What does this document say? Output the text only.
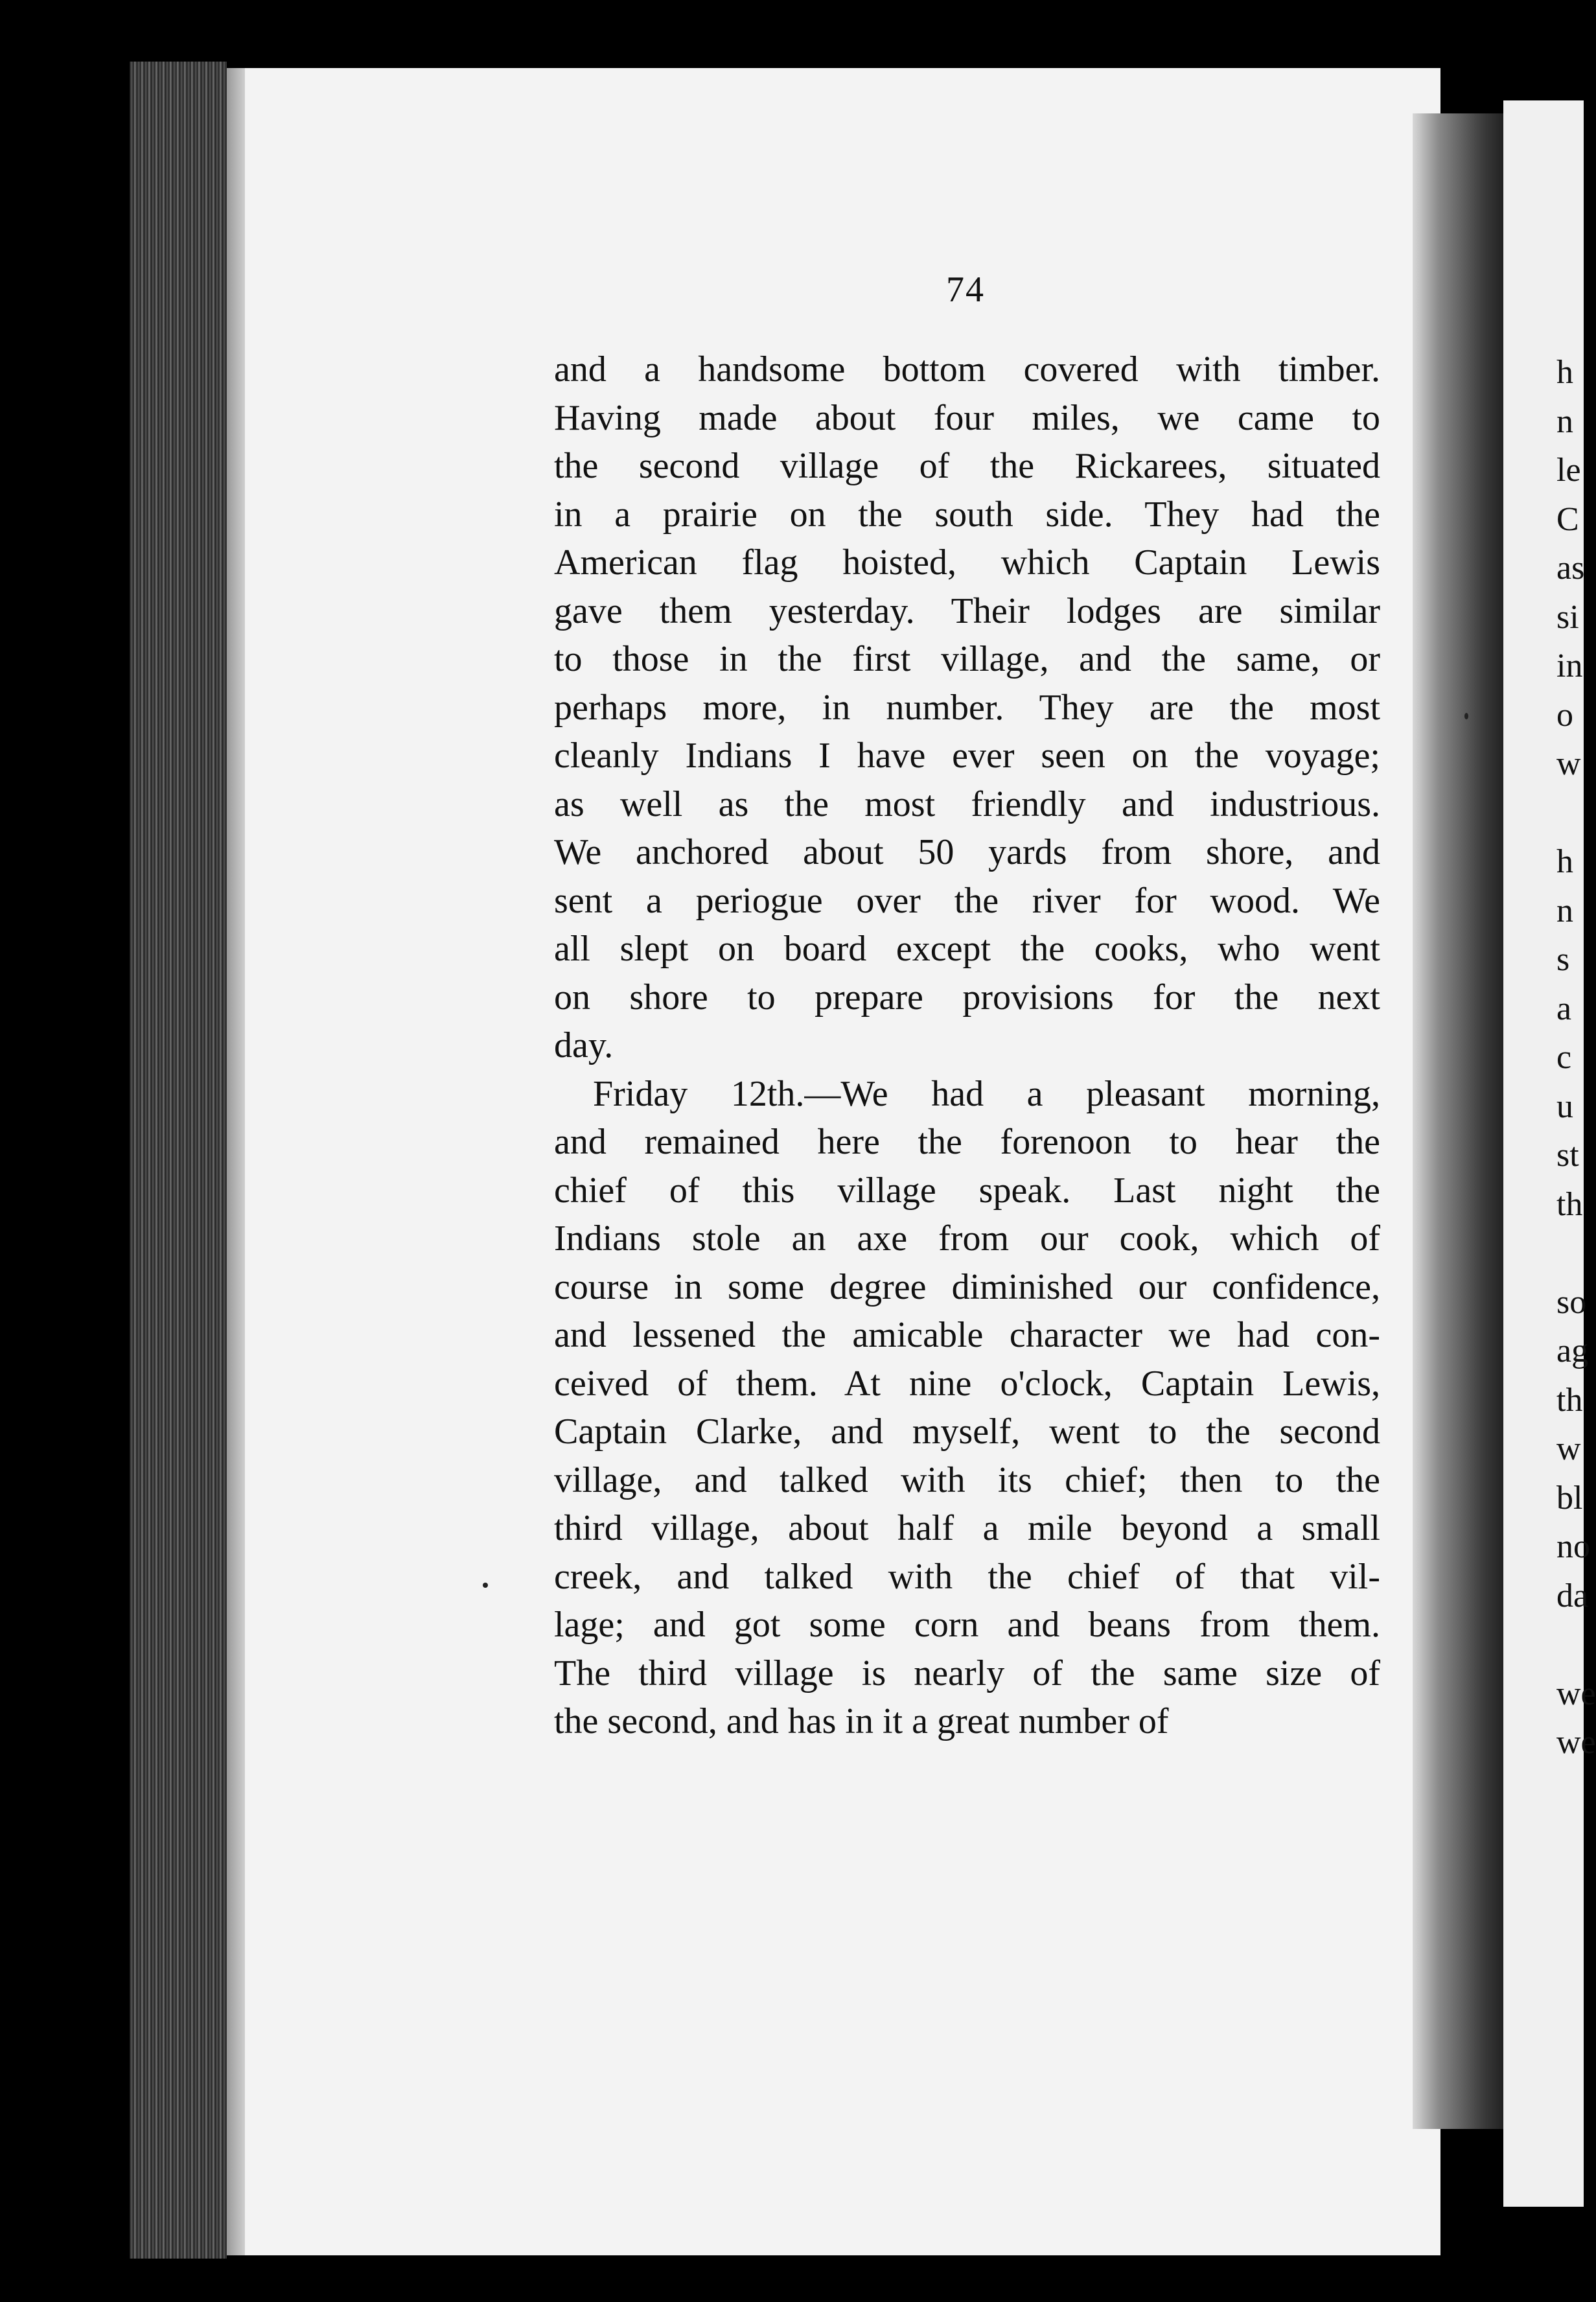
74
and a handsome bottom covered with timber.
Having made about four miles, we came to
the second village of the Rickarees, situated
in a prairie on the south side. They had the
American flag hoisted, which Captain Lewis
gave them yesterday. Their lodges are similar
to those in the first village, and the same, or
perhaps more, in number. They are the most
cleanly Indians I have ever seen on the voyage;
as well as the most friendly and industrious.
We anchored about 50 yards from shore, and
sent a periogue over the river for wood. We
all slept on board except the cooks, who went
on shore to prepare provisions for the next
day.
Friday 12th.—We had a pleasant morning,
and remained here the forenoon to hear the
chief of this village speak. Last night the
Indians stole an axe from our cook, which of
course in some degree diminished our confidence,
and lessened the amicable character we had con-
ceived of them. At nine o'clock, Captain Lewis,
Captain Clarke, and myself, went to the second
village, and talked with its chief; then to the
third village, about half a mile beyond a small
creek, and talked with the chief of that vil-
lage; and got some corn and beans from them.
The third village is nearly of the same size of
the second, and has in it a great number of
h
n
le
C
as
si
in
o
w
h
n
s
a
c
u
st
th
so
ag
th
w
bl
no
da
we
we
